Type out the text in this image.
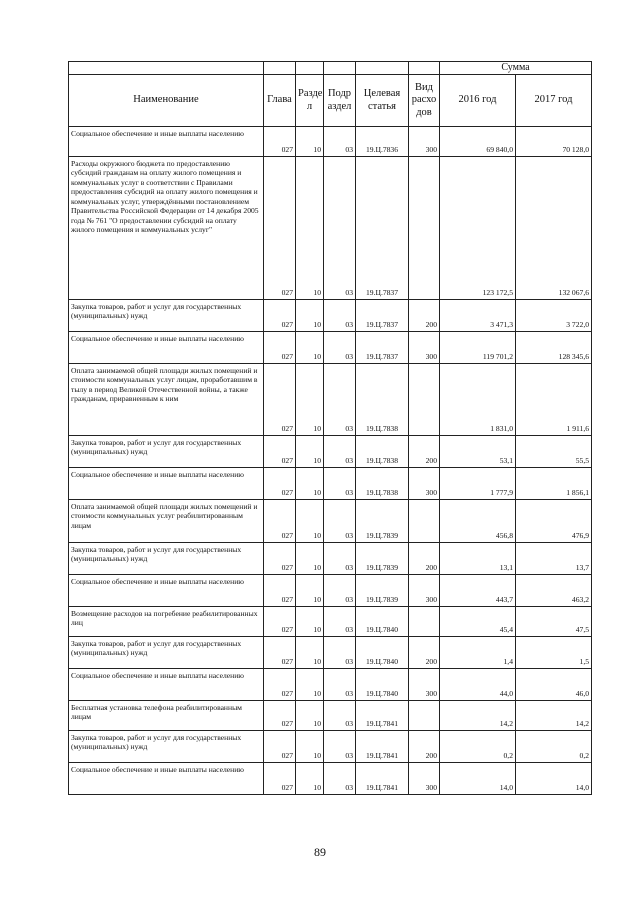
						Сумма	
Наименование	Глава	Разде л	Подр аздел	Целевая статья	Вид расхо дов	2016 год	2017 год
Социальное обеспечение и иные выплаты населению	027	10	03	19.Ц.7836	300	69 840,0	70 128,0
Расходы окружного бюджета по предоставлению субсидий гражданам на оплату жилого помещения и коммунальных услуг в соответствии с Правилами предоставления субсидий на оплату жилого помещения и коммунальных услуг, утверждёнными постановлением Правительства Российской Федерации от 14 декабря 2005 года № 761 "О предоставлении субсидий на оплату жилого помещения и коммунальных услуг"	027	10	03	19.Ц.7837		123 172,5	132 067,6
Закупка товаров, работ и услуг для государственных (муниципальных) нужд	027	10	03	19.Ц.7837	200	3 471,3	3 722,0
Социальное обеспечение и иные выплаты населению	027	10	03	19.Ц.7837	300	119 701,2	128 345,6
Оплата занимаемой общей площади жилых помещений и стоимости коммунальных услуг лицам, проработавшим в тылу в период Великой Отечественной войны, а также гражданам, приравненным к ним	027	10	03	19.Ц.7838		1 831,0	1 911,6
Закупка товаров, работ и услуг для государственных (муниципальных) нужд	027	10	03	19.Ц.7838	200	53,1	55,5
Социальное обеспечение и иные выплаты населению	027	10	03	19.Ц.7838	300	1 777,9	1 856,1
Оплата занимаемой общей площади жилых помещений и стоимости коммунальных услуг реабилитированным лицам	027	10	03	19.Ц.7839		456,8	476,9
Закупка товаров, работ и услуг для государственных (муниципальных) нужд	027	10	03	19.Ц.7839	200	13,1	13,7
Социальное обеспечение и иные выплаты населению	027	10	03	19.Ц.7839	300	443,7	463,2
Возмещение расходов на погребение реабилитированных лиц	027	10	03	19.Ц.7840		45,4	47,5
Закупка товаров, работ и услуг для государственных (муниципальных) нужд	027	10	03	19.Ц.7840	200	1,4	1,5
Социальное обеспечение и иные выплаты населению	027	10	03	19.Ц.7840	300	44,0	46,0
Бесплатная установка телефона реабилитированным лицам	027	10	03	19.Ц.7841		14,2	14,2
Закупка товаров, работ и услуг для государственных (муниципальных) нужд	027	10	03	19.Ц.7841	200	0,2	0,2
Социальное обеспечение и иные выплаты населению	027	10	03	19.Ц.7841	300	14,0	14,0
89
